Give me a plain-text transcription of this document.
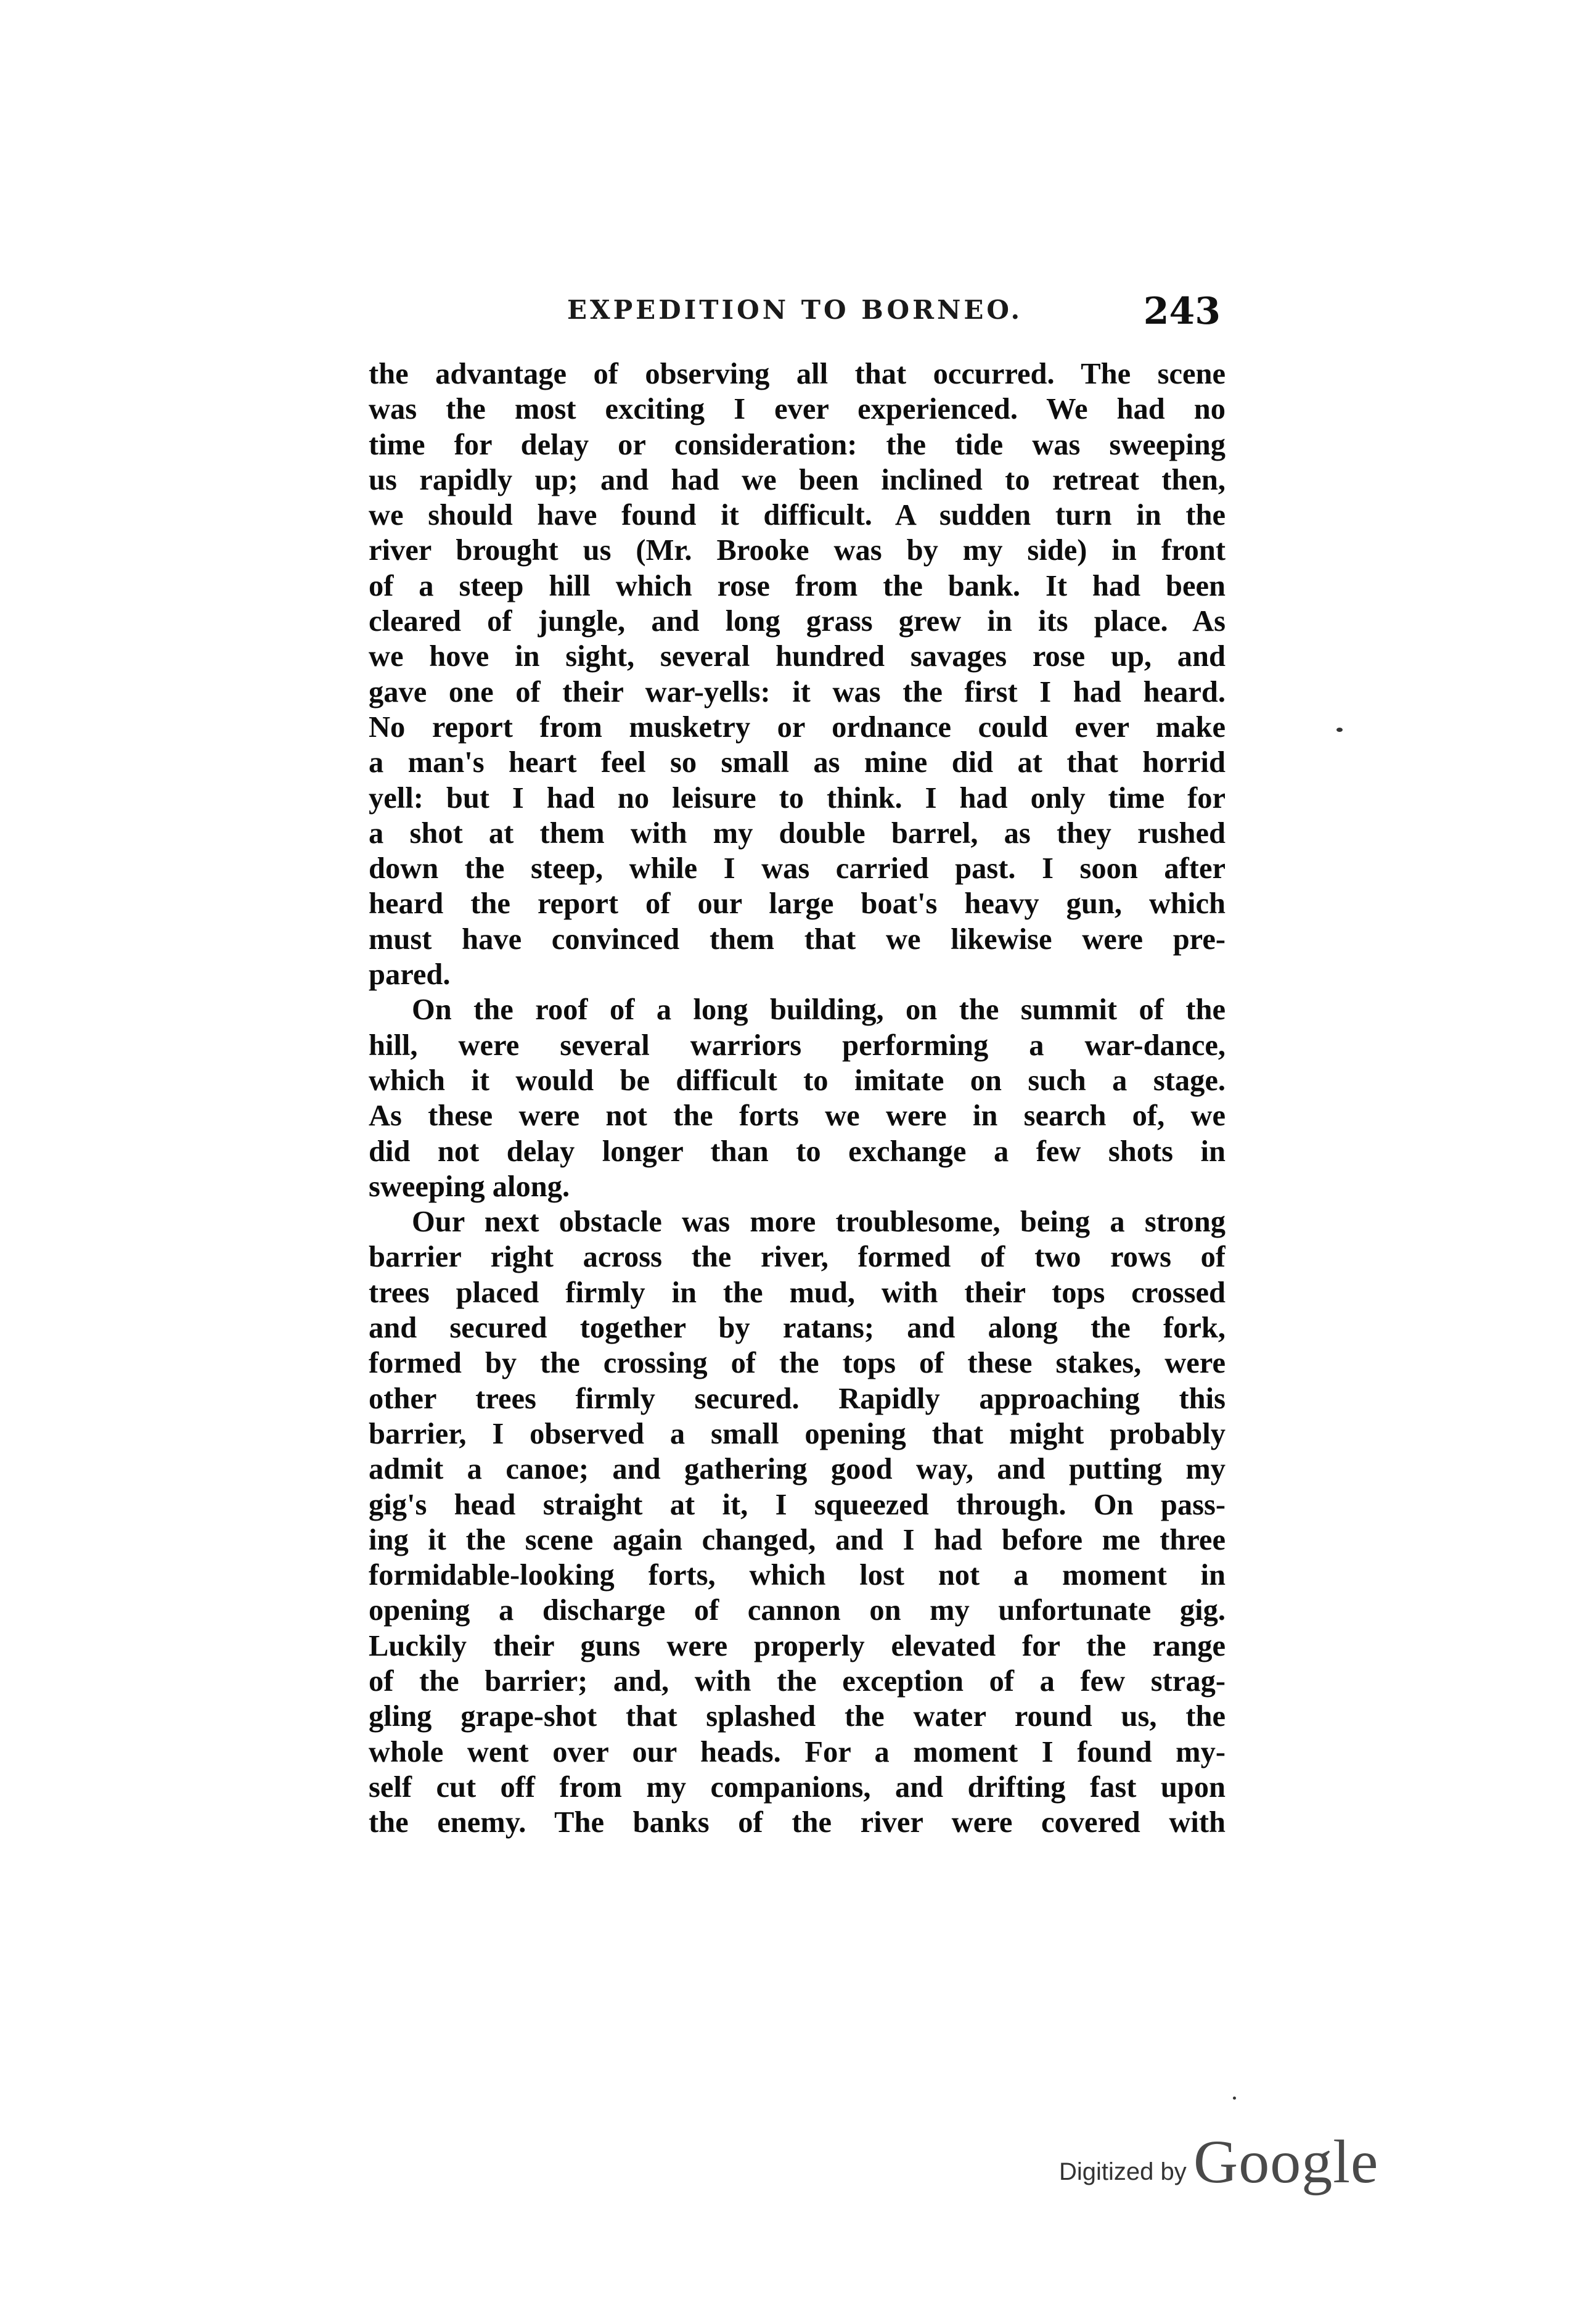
EXPEDITION TO BORNEO.	243
the advantage of observing all that occurred. The scene
was the most exciting I ever experienced. We had no
time for delay or consideration: the tide was sweeping
us rapidly up; and had we been inclined to retreat then,
we should have found it difficult. A sudden turn in the
river brought us (Mr. Brooke was by my side) in front
of a steep hill which rose from the bank. It had been
cleared of jungle, and long grass grew in its place. As
we hove in sight, several hundred savages rose up, and
gave one of their war-yells: it was the first I had heard.
No report from musketry or ordnance could ever make
a man's heart feel so small as mine did at that horrid
yell: but I had no leisure to think. I had only time for
a shot at them with my double barrel, as they rushed
down the steep, while I was carried past. I soon after
heard the report of our large boat's heavy gun, which
must have convinced them that we likewise were pre-
pared.
On the roof of a long building, on the summit of the
hill, were several warriors performing a war-dance,
which it would be difficult to imitate on such a stage.
As these were not the forts we were in search of, we
did not delay longer than to exchange a few shots in
sweeping along.
Our next obstacle was more troublesome, being a strong
barrier right across the river, formed of two rows of
trees placed firmly in the mud, with their tops crossed
and secured together by ratans; and along the fork,
formed by the crossing of the tops of these stakes, were
other trees firmly secured. Rapidly approaching this
barrier, I observed a small opening that might probably
admit a canoe; and gathering good way, and putting my
gig's head straight at it, I squeezed through. On pass-
ing it the scene again changed, and I had before me three
formidable-looking forts, which lost not a moment in
opening a discharge of cannon on my unfortunate gig.
Luckily their guns were properly elevated for the range
of the barrier; and, with the exception of a few strag-
gling grape-shot that splashed the water round us, the
whole went over our heads. For a moment I found my-
self cut off from my companions, and drifting fast upon
the enemy. The banks of the river were covered with
Digitized by Google
